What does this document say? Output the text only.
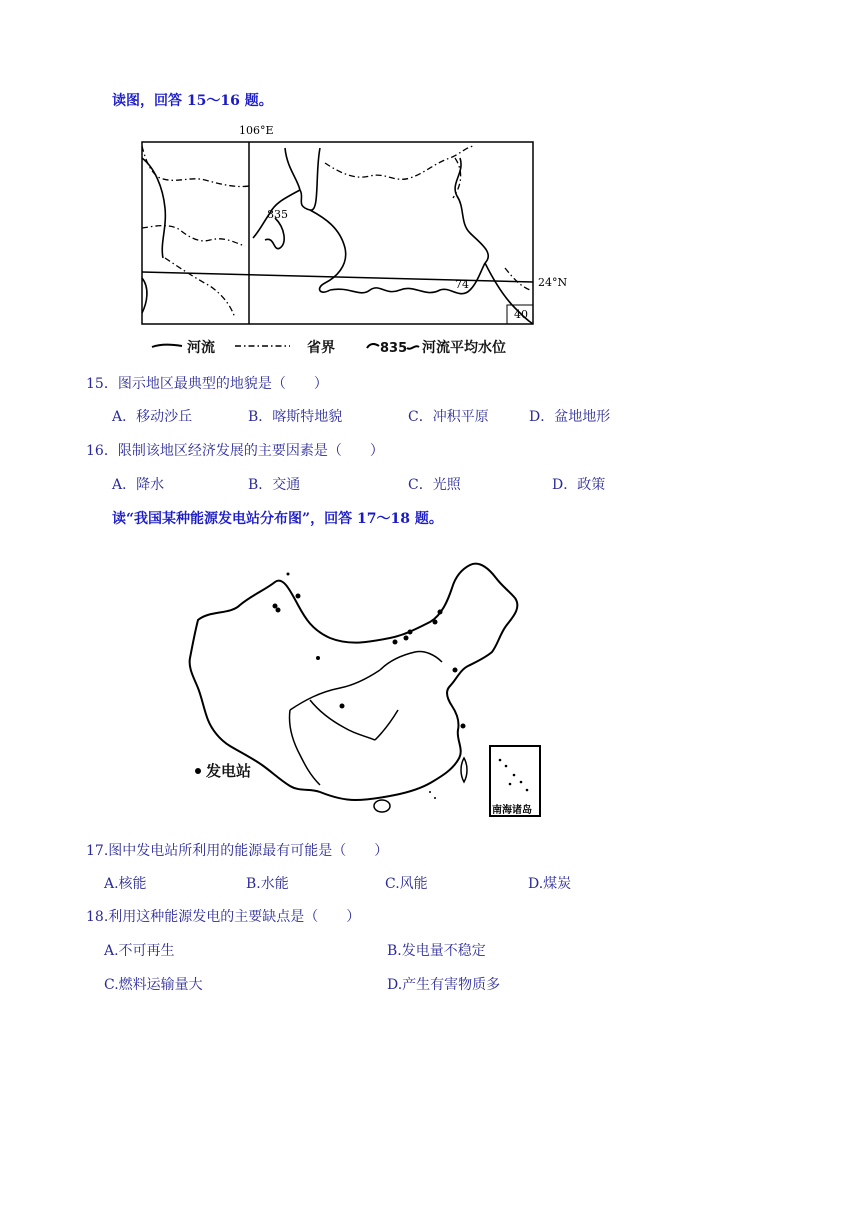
读图，回答 15～16 题。
106°E
24°N
835
74
40
河流	省界	835 河流平均水位
15．图示地区最典型的地貌是（　　）
A．移动沙丘	B．喀斯特地貌	C．冲积平原	D．盆地地形
16．限制该地区经济发展的主要因素是（　　）
A．降水	B．交通	C．光照	D．政策
读“我国某种能源发电站分布图”，回答 17～18 题。
南海诸岛
发电站
17.图中发电站所利用的能源最有可能是（　　）
A.核能	B.水能	C.风能	D.煤炭
18.利用这种能源发电的主要缺点是（　　）
A.不可再生	B.发电量不稳定
C.燃料运输量大	D.产生有害物质多
